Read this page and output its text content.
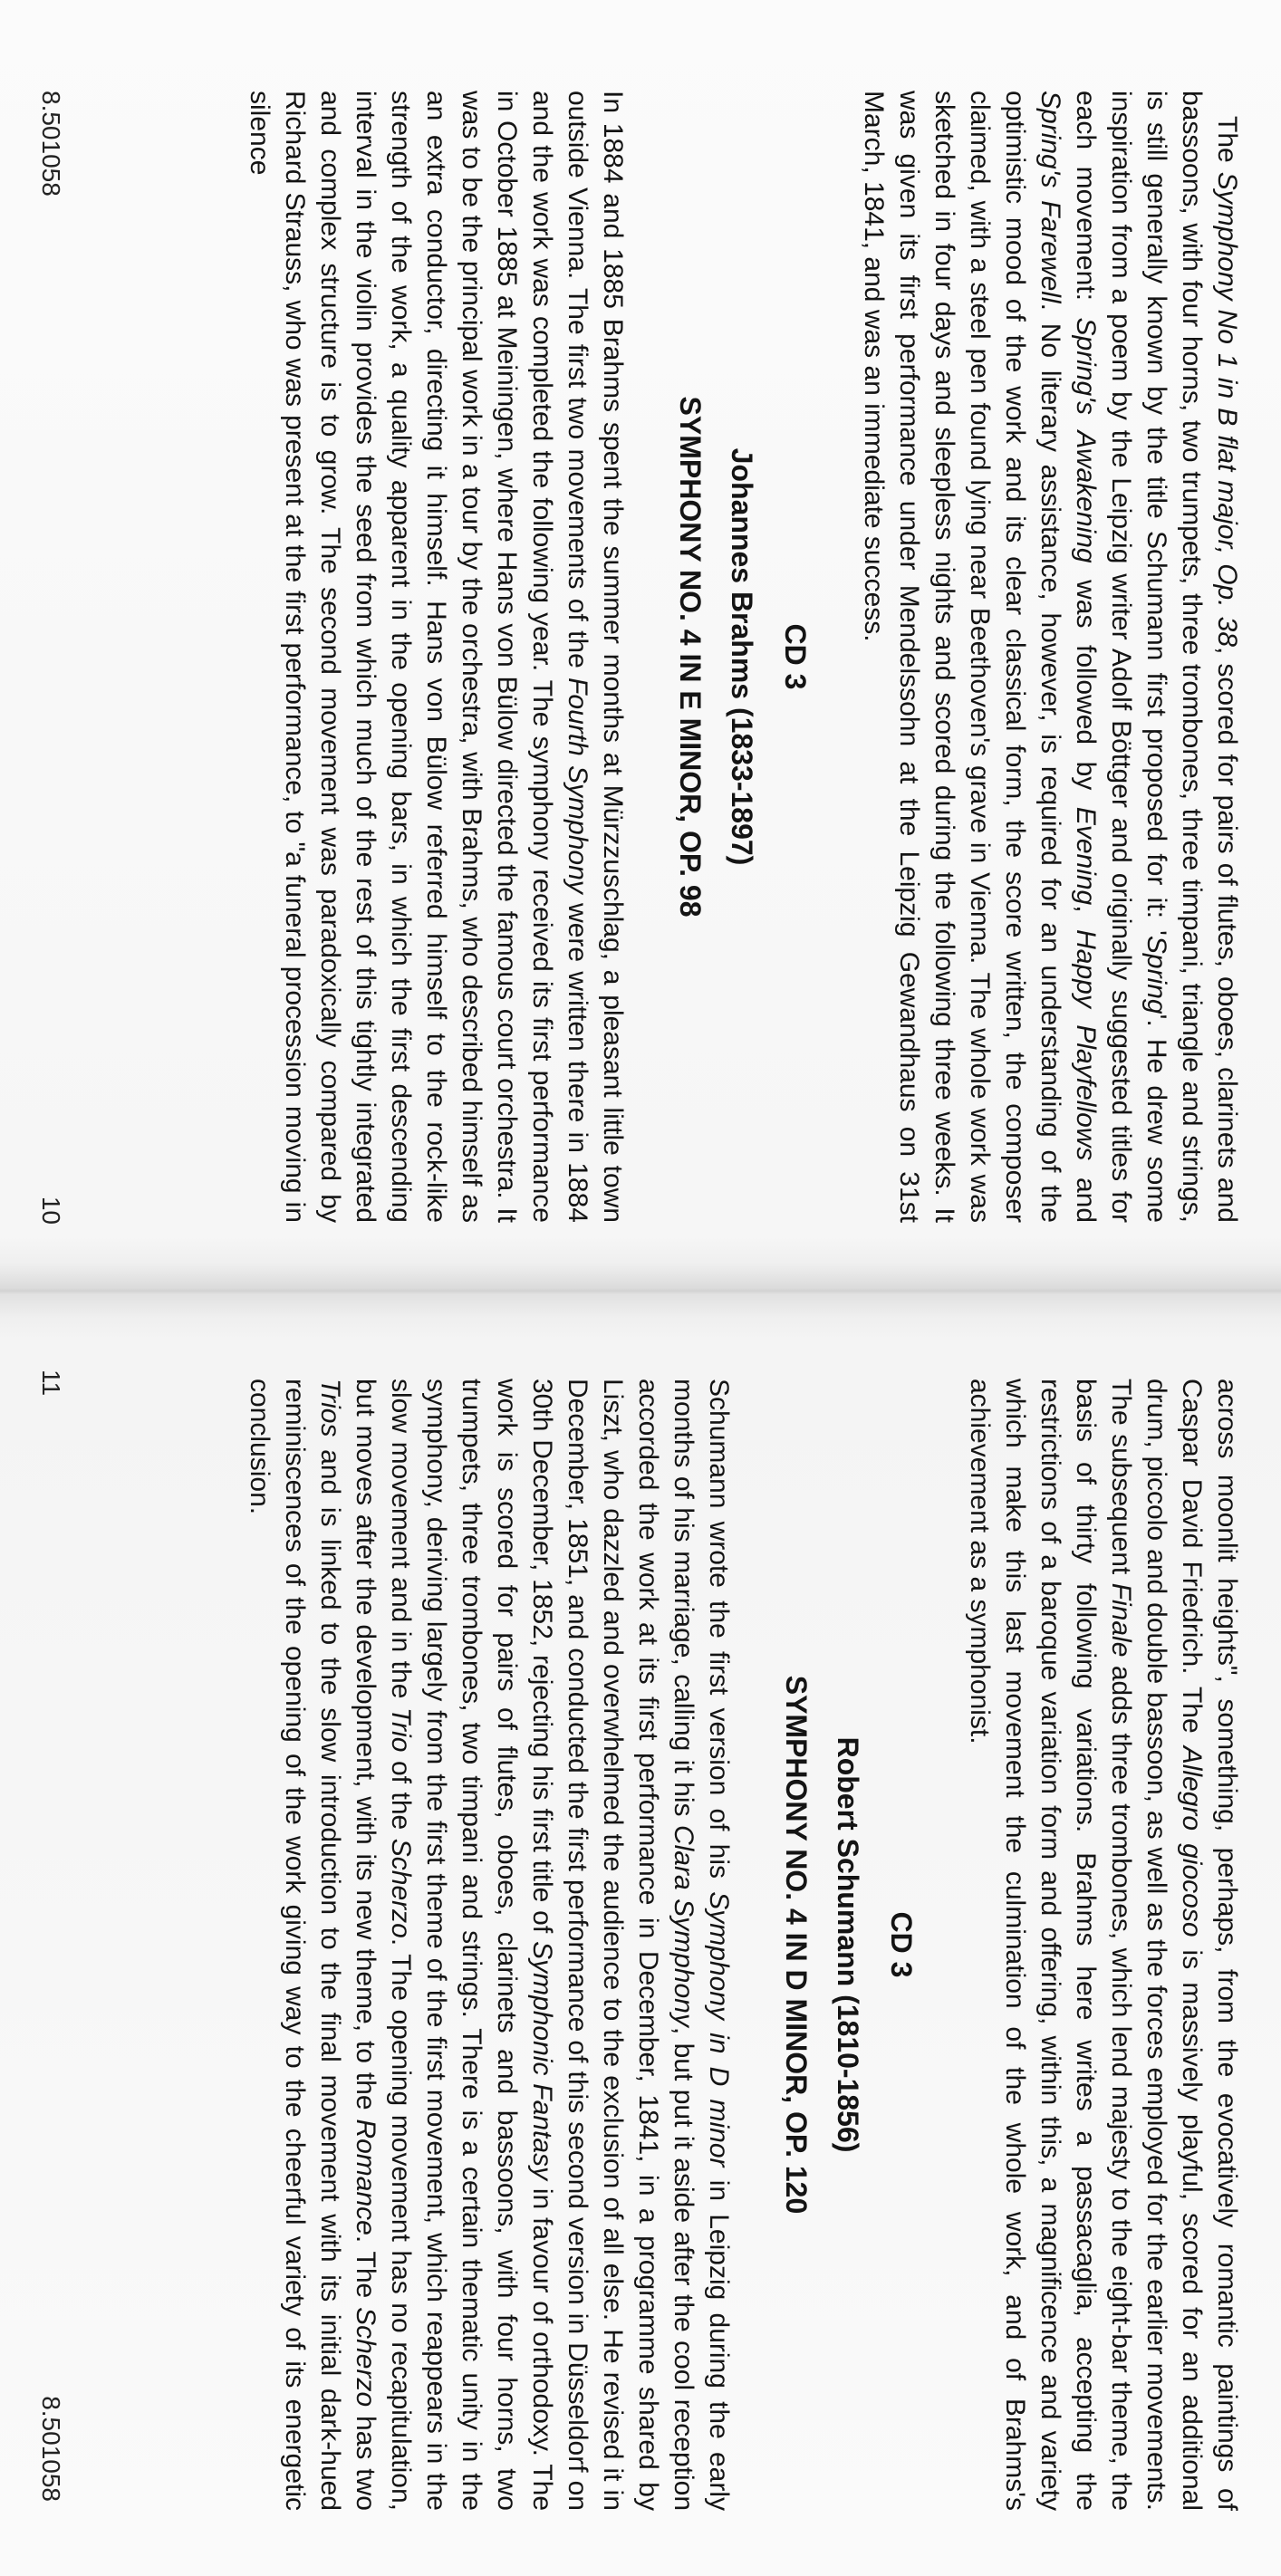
The Symphony No 1 in B flat major, Op. 38, scored for pairs of flutes, oboes, clarinets and bassoons, with four horns, two trumpets, three trombones, three timpani, triangle and strings, is still generally known by the title Schumann first proposed for it: 'Spring'. He drew some inspiration from a poem by the Leipzig writer Adolf Böttger and originally suggested titles for each movement: Spring's Awakening was followed by Evening, Happy Playfellows and Spring's Farewell. No literary assistance, however, is required for an understanding of the optimistic mood of the work and its clear classical form, the score written, the composer claimed, with a steel pen found lying near Beethoven's grave in Vienna. The whole work was sketched in four days and sleepless nights and scored during the following three weeks. It was given its first performance under Mendelssohn at the Leipzig Gewandhaus on 31st March, 1841, and was an immediate success.

CD 3
Johannes Brahms (1833-1897)
SYMPHONY NO. 4 IN E MINOR, OP. 98

In 1884 and 1885 Brahms spent the summer months at Mürzzuschlag, a pleasant little town outside Vienna. The first two movements of the Fourth Symphony were written there in 1884 and the work was completed the following year. The symphony received its first performance in October 1885 at Meiningen, where Hans von Bülow directed the famous court orchestra. It was to be the principal work in a tour by the orchestra, with Brahms, who described himself as an extra conductor, directing it himself. Hans von Bülow referred himself to the rock-like strength of the work, a quality apparent in the opening bars, in which the first descending interval in the violin provides the seed from which much of the rest of this tightly integrated and complex structure is to grow. The second movement was paradoxically compared by Richard Strauss, who was present at the first performance, to "a funeral procession moving in silence

8.501058
10

across moonlit heights", something, perhaps, from the evocatively romantic paintings of Caspar David Friedrich. The Allegro giocoso is massively playful, scored for an additional drum, piccolo and double bassoon, as well as the forces employed for the earlier movements. The subsequent Finale adds three trombones, which lend majesty to the eight-bar theme, the basis of thirty following variations. Brahms here writes a passacaglia, accepting the restrictions of a baroque variation form and offering, within this, a magnificence and variety which make this last movement the culmination of the whole work, and of Brahms's achievement as a symphonist.

CD 3
Robert Schumann (1810-1856)
SYMPHONY NO. 4 IN D MINOR, OP. 120

Schumann wrote the first version of his Symphony in D minor in Leipzig during the early months of his marriage, calling it his Clara Symphony, but put it aside after the cool reception accorded the work at its first performance in December, 1841, in a programme shared by Liszt, who dazzled and overwhelmed the audience to the exclusion of all else. He revised it in December, 1851, and conducted the first performance of this second version in Düsseldorf on 30th December, 1852, rejecting his first title of Symphonic Fantasy in favour of orthodoxy. The work is scored for pairs of flutes, oboes, clarinets and bassoons, with four horns, two trumpets, three trombones, two timpani and strings. There is a certain thematic unity in the symphony, deriving largely from the first theme of the first movement, which reappears in the slow movement and in the Trio of the Scherzo. The opening movement has no recapitulation, but moves after the development, with its new theme, to the Romance. The Scherzo has two Trios and is linked to the slow introduction to the final movement with its initial dark-hued reminiscences of the opening of the work giving way to the cheerful variety of its energetic conclusion.

11
8.501058
